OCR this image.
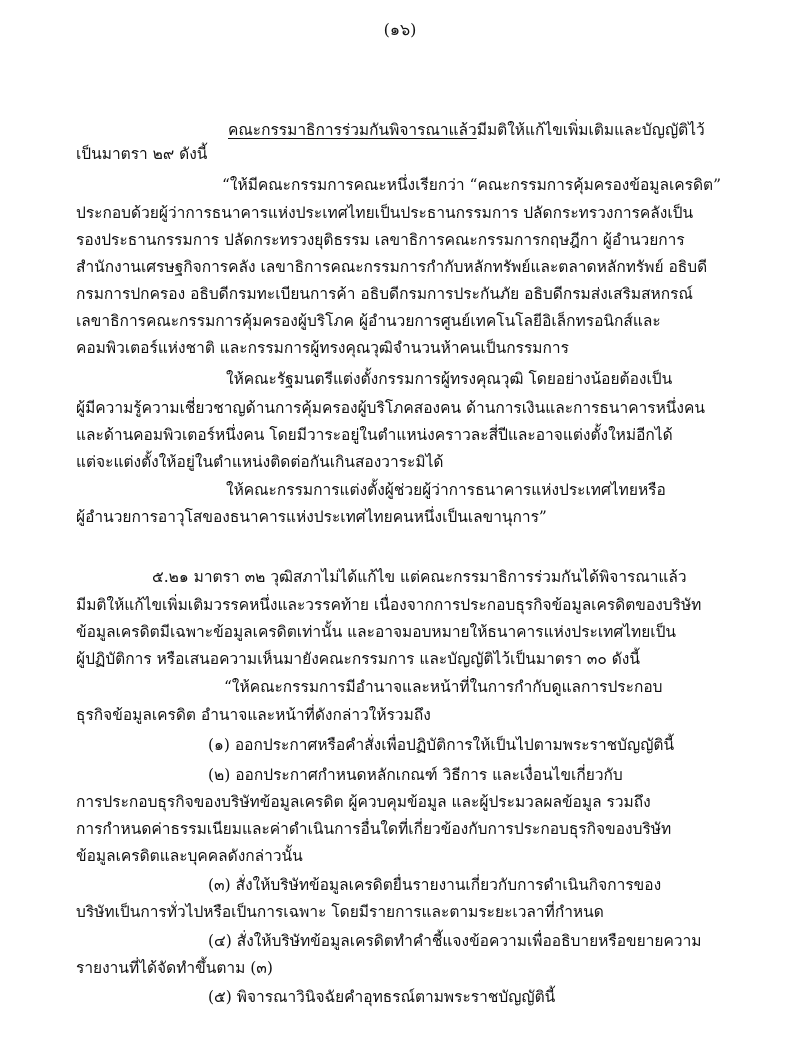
(๑๖)
คณะกรรมาธิการร่วมกันพิจารณาแล้วมีมติให้แก้ไขเพิ่มเติมและบัญญัติไว้
เป็นมาตรา ๒๙ ดังนี้
“ให้มีคณะกรรมการคณะหนึ่งเรียกว่า “คณะกรรมการคุ้มครองข้อมูลเครดิต”
ประกอบด้วยผู้ว่าการธนาคารแห่งประเทศไทยเป็นประธานกรรมการ ปลัดกระทรวงการคลังเป็น
รองประธานกรรมการ ปลัดกระทรวงยุติธรรม เลขาธิการคณะกรรมการกฤษฎีกา ผู้อำนวยการ
สำนักงานเศรษฐกิจการคลัง เลขาธิการคณะกรรมการกำกับหลักทรัพย์และตลาดหลักทรัพย์ อธิบดี
กรมการปกครอง อธิบดีกรมทะเบียนการค้า อธิบดีกรมการประกันภัย อธิบดีกรมส่งเสริมสหกรณ์
เลขาธิการคณะกรรมการคุ้มครองผู้บริโภค ผู้อำนวยการศูนย์เทคโนโลยีอิเล็กทรอนิกส์และ
คอมพิวเตอร์แห่งชาติ และกรรมการผู้ทรงคุณวุฒิจำนวนห้าคนเป็นกรรมการ
ให้คณะรัฐมนตรีแต่งตั้งกรรมการผู้ทรงคุณวุฒิ โดยอย่างน้อยต้องเป็น
ผู้มีความรู้ความเชี่ยวชาญด้านการคุ้มครองผู้บริโภคสองคน ด้านการเงินและการธนาคารหนึ่งคน
และด้านคอมพิวเตอร์หนึ่งคน โดยมีวาระอยู่ในตำแหน่งคราวละสี่ปีและอาจแต่งตั้งใหม่อีกได้
แต่จะแต่งตั้งให้อยู่ในตำแหน่งติดต่อกันเกินสองวาระมิได้
ให้คณะกรรมการแต่งตั้งผู้ช่วยผู้ว่าการธนาคารแห่งประเทศไทยหรือ
ผู้อำนวยการอาวุโสของธนาคารแห่งประเทศไทยคนหนึ่งเป็นเลขานุการ”
๕.๒๑ มาตรา ๓๒ วุฒิสภาไม่ได้แก้ไข แต่คณะกรรมาธิการร่วมกันได้พิจารณาแล้ว
มีมติให้แก้ไขเพิ่มเติมวรรคหนึ่งและวรรคท้าย เนื่องจากการประกอบธุรกิจข้อมูลเครดิตของบริษัท
ข้อมูลเครดิตมีเฉพาะข้อมูลเครดิตเท่านั้น และอาจมอบหมายให้ธนาคารแห่งประเทศไทยเป็น
ผู้ปฏิบัติการ หรือเสนอความเห็นมายังคณะกรรมการ และบัญญัติไว้เป็นมาตรา ๓๐ ดังนี้
“ให้คณะกรรมการมีอำนาจและหน้าที่ในการกำกับดูแลการประกอบ
ธุรกิจข้อมูลเครดิต อำนาจและหน้าที่ดังกล่าวให้รวมถึง
(๑) ออกประกาศหรือคำสั่งเพื่อปฏิบัติการให้เป็นไปตามพระราชบัญญัตินี้
(๒) ออกประกาศกำหนดหลักเกณฑ์ วิธีการ และเงื่อนไขเกี่ยวกับ
การประกอบธุรกิจของบริษัทข้อมูลเครดิต ผู้ควบคุมข้อมูล และผู้ประมวลผลข้อมูล รวมถึง
การกำหนดค่าธรรมเนียมและค่าดำเนินการอื่นใดที่เกี่ยวข้องกับการประกอบธุรกิจของบริษัท
ข้อมูลเครดิตและบุคคลดังกล่าวนั้น
(๓) สั่งให้บริษัทข้อมูลเครดิตยื่นรายงานเกี่ยวกับการดำเนินกิจการของ
บริษัทเป็นการทั่วไปหรือเป็นการเฉพาะ โดยมีรายการและตามระยะเวลาที่กำหนด
(๔) สั่งให้บริษัทข้อมูลเครดิตทำคำชี้แจงข้อความเพื่ออธิบายหรือขยายความ
รายงานที่ได้จัดทำขึ้นตาม (๓)
(๕) พิจารณาวินิจฉัยคำอุทธรณ์ตามพระราชบัญญัตินี้
